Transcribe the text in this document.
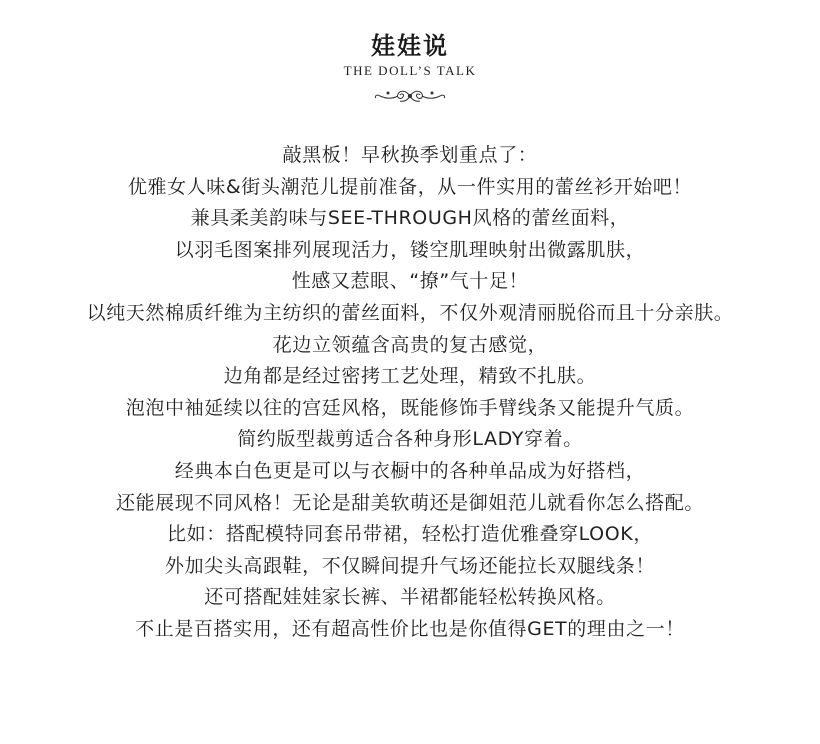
娃娃说
THE DOLL’S TALK
敲黑板！早秋换季划重点了：
优雅女人味&街头潮范儿提前准备，从一件实用的蕾丝衫开始吧！
兼具柔美韵味与SEE-THROUGH风格的蕾丝面料，
以羽毛图案排列展现活力，镂空肌理映射出微露肌肤，
性感又惹眼、“撩”气十足！
以纯天然棉质纤维为主纺织的蕾丝面料，不仅外观清丽脱俗而且十分亲肤。
花边立领蕴含高贵的复古感觉，
边角都是经过密拷工艺处理，精致不扎肤。
泡泡中袖延续以往的宫廷风格，既能修饰手臂线条又能提升气质。
简约版型裁剪适合各种身形LADY穿着。
经典本白色更是可以与衣橱中的各种单品成为好搭档，
还能展现不同风格！无论是甜美软萌还是御姐范儿就看你怎么搭配。
比如：搭配模特同套吊带裙，轻松打造优雅叠穿LOOK，
外加尖头高跟鞋，不仅瞬间提升气场还能拉长双腿线条！
还可搭配娃娃家长裤、半裙都能轻松转换风格。
不止是百搭实用，还有超高性价比也是你值得GET的理由之一！
